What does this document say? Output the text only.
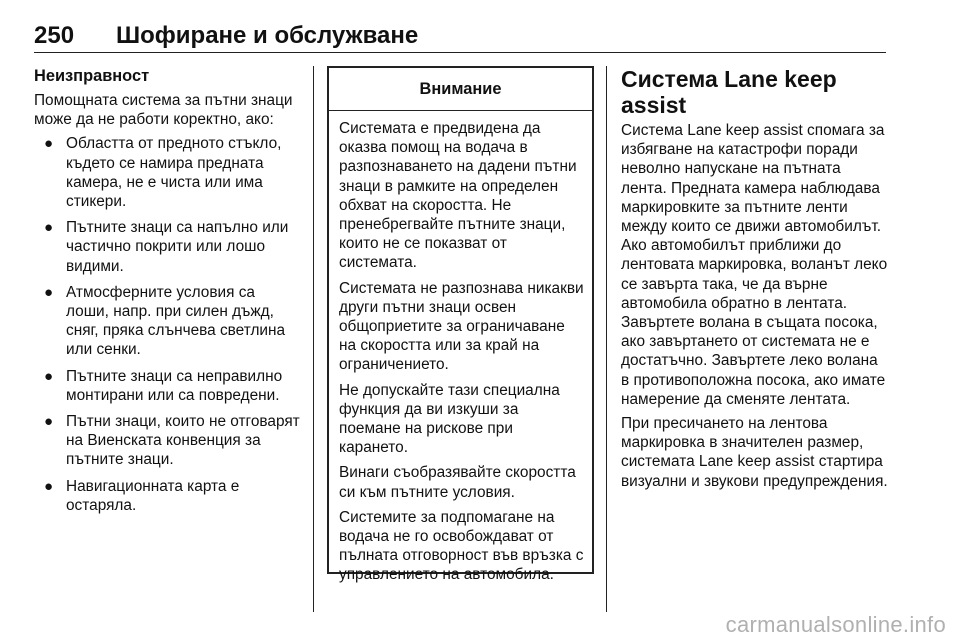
250 Шофиране и обслужване
Неизправност
Помощната система за пътни знаци може да не работи коректно, ако:
● Областта от предното стъкло, където се намира предната камера, не е чиста или има стикери.
● Пътните знаци са напълно или частично покрити или лошо видими.
● Атмосферните условия са лоши, напр. при силен дъжд, сняг, пряка слънчева светлина или сенки.
● Пътните знаци са неправилно монтирани или са повредени.
● Пътни знаци, които не отговарят на Виенската конвенция за пътните знаци.
● Навигационната карта е остаряла.
Внимание
Системата е предвидена да оказва помощ на водача в разпознаването на дадени пътни знаци в рамките на определен обхват на скоростта. Не пренебрегвайте пътните знаци, които не се показват от системата.
Системата не разпознава никакви други пътни знаци освен общоприетите за ограничаване на скоростта или за край на ограничението.
Не допускайте тази специална функция да ви изкуши за поемане на рискове при карането.
Винаги съобразявайте скоростта си към пътните условия.
Системите за подпомагане на водача не го освобождават от пълната отговорност във връзка с управлението на автомобила.
Система Lane keep assist
Система Lane keep assist спомага за избягване на катастрофи поради неволно напускане на пътната лента. Предната камера наблюдава маркировките за пътните ленти между които се движи автомобилът. Ако автомобилът приближи до лентовата маркировка, воланът леко се завърта така, че да върне автомобила обратно в лентата. Завъртете волана в същата посока, ако завъртането от системата не е достатъчно. Завъртете леко волана в противоположна посока, ако имате намерение да сменяте лентата.
При пресичането на лентова маркировка в значителен размер, системата Lane keep assist стартира визуални и звукови предупреждения.
carmanualsonline.info
